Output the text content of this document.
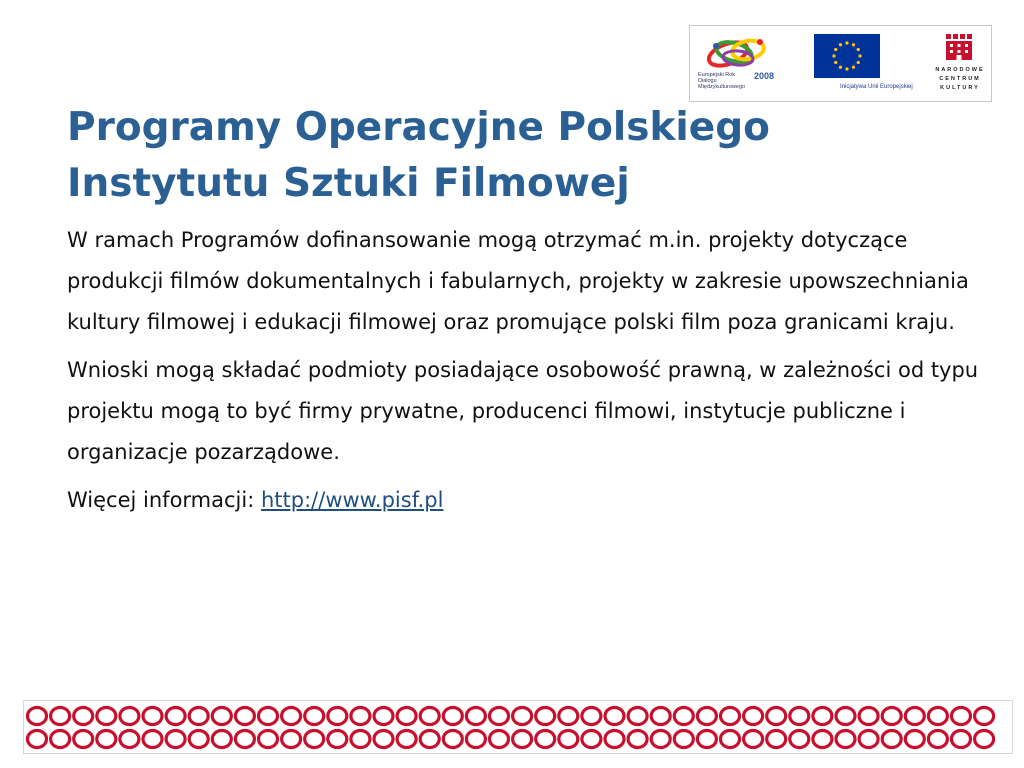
Europejski Rok Dialogu Międzykulturowego
2008
Inicjatywa Unii Europejskiej
NARODOWE
CENTRUM
KULTURY
Programy Operacyjne Polskiego
Instytutu Sztuki Filmowej

W ramach Programów dofinansowanie mogą otrzymać m.in. projekty dotyczące produkcji filmów dokumentalnych i fabularnych, projekty w zakresie upowszechniania kultury filmowej i edukacji filmowej oraz promujące polski film poza granicami kraju.

Wnioski mogą składać podmioty posiadające osobowość prawną, w zależności od typu projektu mogą to być firmy prywatne, producenci filmowi, instytucje publiczne i organizacje pozarządowe.

Więcej informacji: http://www.pisf.pl
